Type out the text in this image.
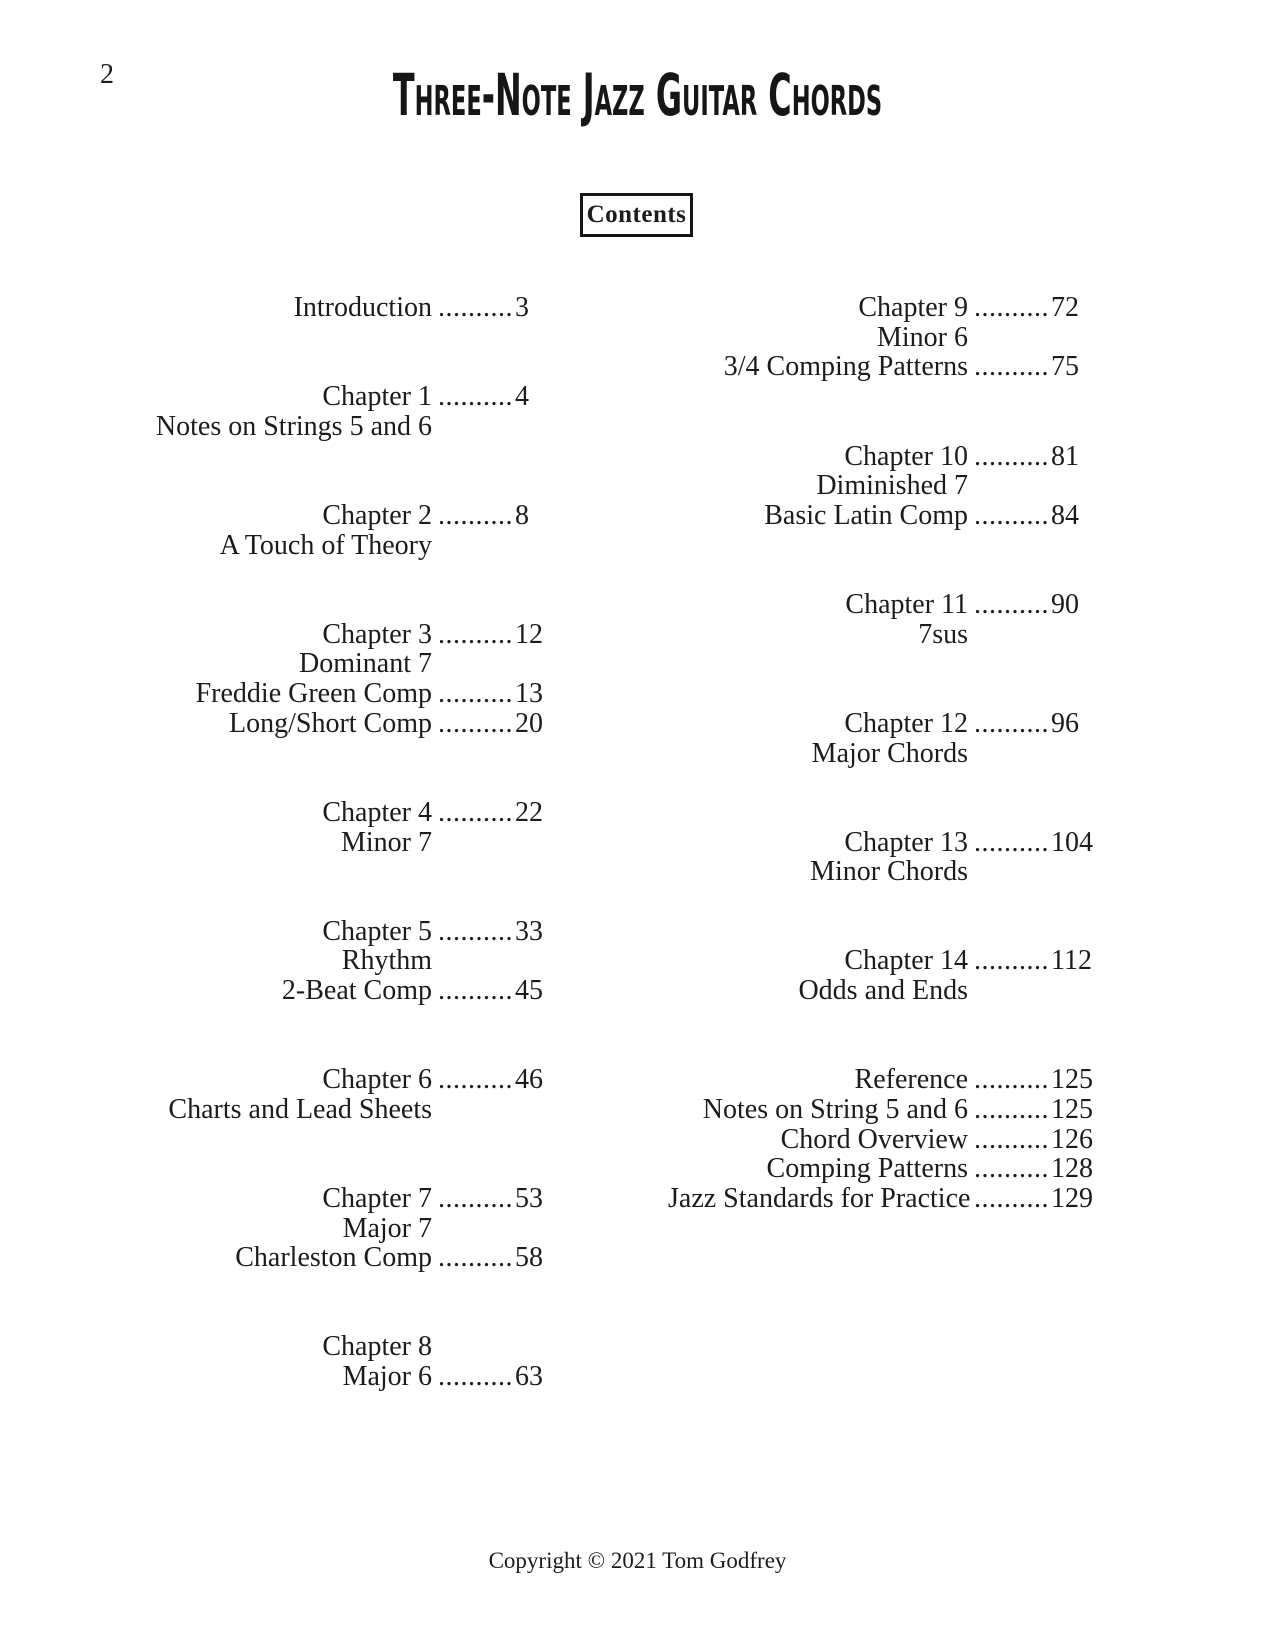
2	Three-Note Jazz Guitar Chords
Contents
Introduction .......... 3
Chapter 1 .......... 4
Notes on Strings 5 and 6
Chapter 2 .......... 8
A Touch of Theory
Chapter 3 .......... 12
Dominant 7
Freddie Green Comp .......... 13
Long/Short Comp .......... 20
Chapter 4 .......... 22
Minor 7
Chapter 5 .......... 33
Rhythm
2-Beat Comp .......... 45
Chapter 6 .......... 46
Charts and Lead Sheets
Chapter 7 .......... 53
Major 7
Charleston Comp .......... 58
Chapter 8
Major 6 .......... 63
Chapter 9 .......... 72
Minor 6
3/4 Comping Patterns .......... 75
Chapter 10 .......... 81
Diminished 7
Basic Latin Comp .......... 84
Chapter 11 .......... 90
7sus
Chapter 12 .......... 96
Major Chords
Chapter 13 .......... 104
Minor Chords
Chapter 14 .......... 112
Odds and Ends
Reference .......... 125
Notes on String 5 and 6 .......... 125
Chord Overview .......... 126
Comping Patterns .......... 128
Jazz Standards for Practice .......... 129
Copyright © 2021 Tom Godfrey
